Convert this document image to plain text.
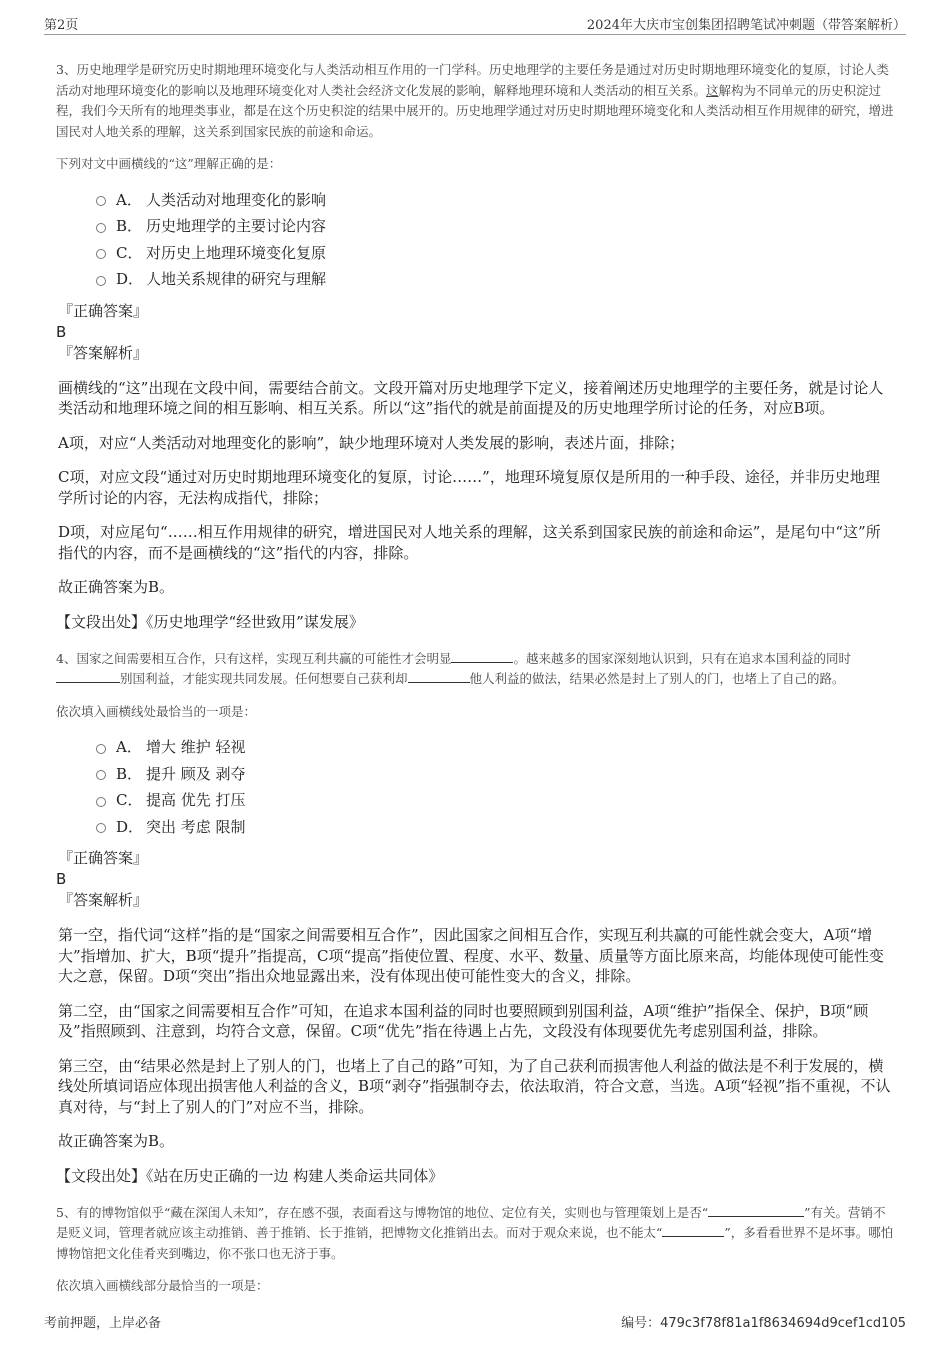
第2页	2024年大庆市宝创集团招聘笔试冲刺题（带答案解析）

3、历史地理学是研究历史时期地理环境变化与人类活动相互作用的一门学科。历史地理学的主要任务是通过对历史时期地理环境变化的复原，讨论人类活动对地理环境变化的影响以及地理环境变化对人类社会经济文化发展的影响，解释地理环境和人类活动的相互关系。这解构为不同单元的历史积淀过程，我们今天所有的地理类事业，都是在这个历史积淀的结果中展开的。历史地理学通过对历史时期地理环境变化和人类活动相互作用规律的研究，增进国民对人地关系的理解，这关系到国家民族的前途和命运。

下列对文中画横线的“这”理解正确的是：

A． 人类活动对地理变化的影响
B． 历史地理学的主要讨论内容
C． 对历史上地理环境变化复原
D． 人地关系规律的研究与理解

『正确答案』

B

『答案解析』

画横线的“这”出现在文段中间，需要结合前文。文段开篇对历史地理学下定义，接着阐述历史地理学的主要任务，就是讨论人类活动和地理环境之间的相互影响、相互关系。所以“这”指代的就是前面提及的历史地理学所讨论的任务，对应B项。

A项，对应“人类活动对地理变化的影响”，缺少地理环境对人类发展的影响，表述片面，排除；

C项，对应文段“通过对历史时期地理环境变化的复原，讨论……”，地理环境复原仅是所用的一种手段、途径，并非历史地理学所讨论的内容，无法构成指代，排除；

D项，对应尾句“……相互作用规律的研究，增进国民对人地关系的理解，这关系到国家民族的前途和命运”，是尾句中“这”所指代的内容，而不是画横线的“这”指代的内容，排除。

故正确答案为B。

【文段出处】《历史地理学“经世致用”谋发展》

4、国家之间需要相互合作，只有这样，实现互利共赢的可能性才会明显	。越来越多的国家深刻地认识到，只有在追求本国利益的同时别国利益，才能实现共同发展。任何想要自己获利却	他人利益的做法，结果必然是封上了别人的门，也堵上了自己的路。

依次填入画横线处最恰当的一项是：

A． 增大 维护 轻视
B． 提升 顾及 剥夺
C． 提高 优先 打压
D． 突出 考虑 限制

『正确答案』

B

『答案解析』

第一空，指代词“这样”指的是“国家之间需要相互合作”，因此国家之间相互合作，实现互利共赢的可能性就会变大，A项“增大”指增加、扩大，B项“提升”指提高，C项“提高”指使位置、程度、水平、数量、质量等方面比原来高，均能体现使可能性变大之意，保留。D项“突出”指出众地显露出来，没有体现出使可能性变大的含义，排除。

第二空，由“国家之间需要相互合作”可知，在追求本国利益的同时也要照顾到别国利益，A项“维护”指保全、保护，B项“顾及”指照顾到、注意到，均符合文意，保留。C项“优先”指在待遇上占先，文段没有体现要优先考虑别国利益，排除。

第三空，由“结果必然是封上了别人的门，也堵上了自己的路”可知，为了自己获利而损害他人利益的做法是不利于发展的，横线处所填词语应体现出损害他人利益的含义，B项“剥夺”指强制夺去，依法取消，符合文意，当选。A项“轻视”指不重视，不认真对待，与“封上了别人的门”对应不当，排除。

故正确答案为B。

【文段出处】《站在历史正确的一边 构建人类命运共同体》

5、有的博物馆似乎“藏在深闺人未知”，存在感不强，表面看这与博物馆的地位、定位有关，实则也与管理策划上是否“	”有关。营销不是贬义词，管理者就应该主动推销、善于推销、长于推销，把博物文化推销出去。而对于观众来说，也不能太“	”，多看看世界不是坏事。哪怕博物馆把文化佳肴夹到嘴边，你不张口也无济于事。

依次填入画横线部分最恰当的一项是：

考前押题，上岸必备	编号：479c3f78f81a1f8634694d9cef1cd105
